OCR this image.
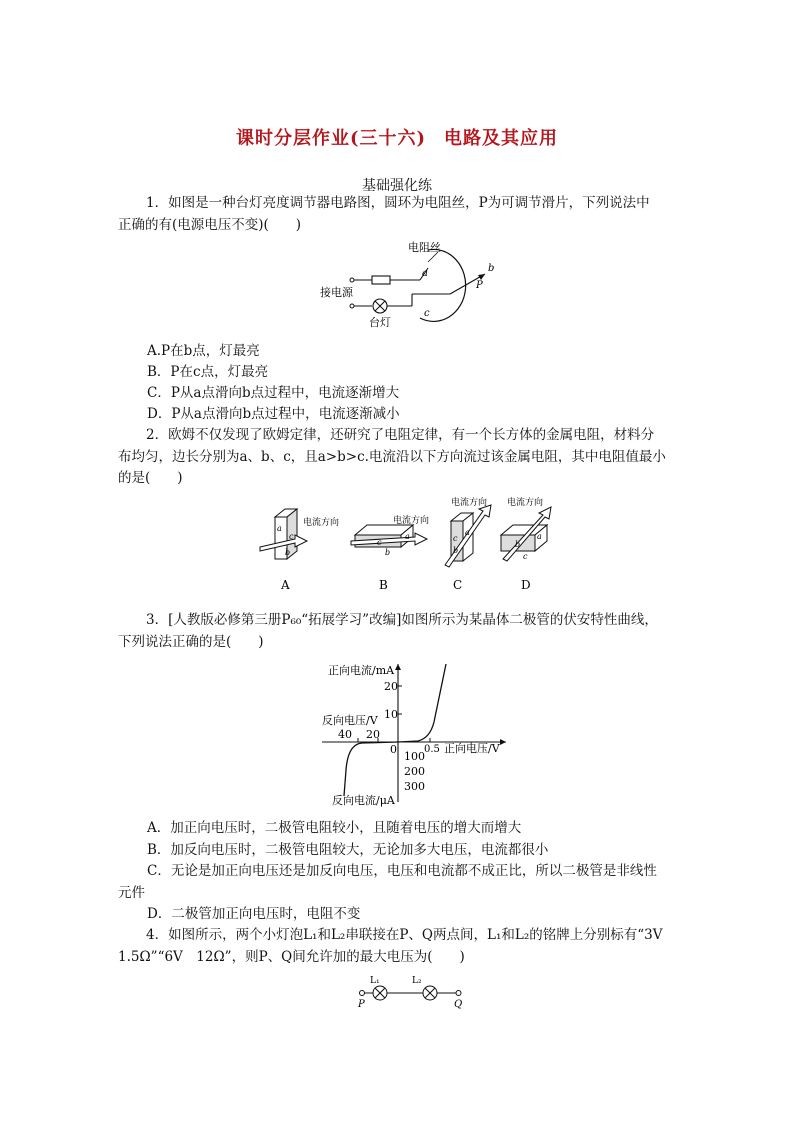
课时分层作业(三十六) 电路及其应用
基础强化练
1．如图是一种台灯亮度调节器电路图，圆环为电阻丝，P为可调节滑片，下列说法中
正确的有(电源电压不变)(　　)
电阻丝
接电源
台灯
a	b
c
P
A.P在b点，灯最亮
B．P在c点，灯最亮
C．P从a点滑向b点过程中，电流逐渐增大
D．P从a点滑向b点过程中，电流逐渐减小
2．欧姆不仅发现了欧姆定律，还研究了电阻定律，有一个长方体的金属电阻，材料分
布均匀，边长分别为a、b、c，且a>b>c.电流沿以下方向流过该金属电阻，其中电阻值最小
的是(　　)
a
c
b
电流方向
A
c
a
b
电流方向
B
c
b
a
电流方向
C
b
a
c
电流方向
D
3．[人教版必修第三册P₆₀“拓展学习”改编]如图所示为某晶体二极管的伏安特性曲线，
下列说法正确的是(　　)
正向电流/mA
10
20
反向电压/V
40 20
0	0.5 正向电压/V
100
200
300
反向电流/μA
A．加正向电压时，二极管电阻较小，且随着电压的增大而增大
B．加反向电压时，二极管电阻较大，无论加多大电压，电流都很小
C．无论是加正向电压还是加反向电压，电压和电流都不成正比，所以二极管是非线性
元件
D．二极管加正向电压时，电阻不变
4．如图所示，两个小灯泡L₁和L₂串联接在P、Q两点间，L₁和L₂的铭牌上分别标有“3V
1.5Ω”“6V　12Ω”，则P、Q间允许加的最大电压为(　　)
L₁	L₂
P	Q
